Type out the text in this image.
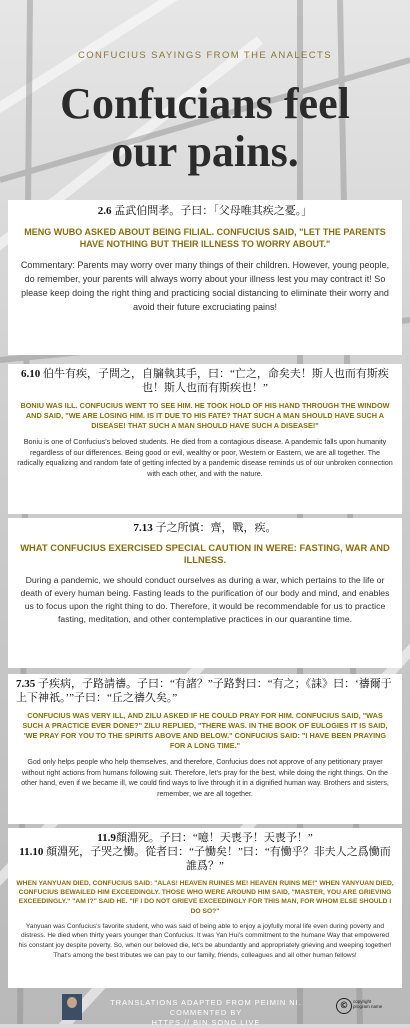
CONFUCIUS SAYINGS FROM THE ANALECTS
Confucians feel
our pains.
2.6 孟武伯問孝。子曰：「父母唯其疾之憂。」
MENG WUBO ASKED ABOUT BEING FILIAL. CONFUCIUS SAID, "LET THE PARENTS HAVE NOTHING BUT THEIR ILLNESS TO WORRY ABOUT."
Commentary: Parents may worry over many things of their children. However, young people, do remember, your parents will always worry about your illness lest you may contract it! So please keep doing the right thing and practicing social distancing to eliminate their worry and avoid their future excruciating pains!
6.10 伯牛有疾，子問之，自牖執其手，曰：“亡之，命矣夫！斯人也而有斯疾也！斯人也而有斯疾也！”
BONIU WAS ILL. CONFUCIUS WENT TO SEE HIM. HE TOOK HOLD OF HIS HAND THROUGH THE WINDOW AND SAID, "WE ARE LOSING HIM. IS IT DUE TO HIS FATE? THAT SUCH A MAN SHOULD HAVE SUCH A DISEASE! THAT SUCH A MAN SHOULD HAVE SUCH A DISEASE!"
Boniu is one of Confucius's beloved students. He died from a contagious disease. A pandemic falls upon humanity regardless of our differences. Being good or evil, wealthy or poor, Western or Eastern, we are all together. The radically equalizing and random fate of getting infected by a pandemic disease reminds us of our unbroken connection with each other, and with the nature.
7.13 子之所慎：齊，戰，疾。
WHAT CONFUCIUS EXERCISED SPECIAL CAUTION IN WERE: FASTING, WAR AND ILLNESS.
During a pandemic, we should conduct ourselves as during a war, which pertains to the life or death of every human being. Fasting leads to the purification of our body and mind, and enables us to focus upon the right thing to do. Therefore, it would be recommendable for us to practice fasting, meditation, and other contemplative practices in our quarantine time.
7.35 子疾病，子路請禱。子曰：“有諸？”子路對曰：“有之；《誄》曰：‘禱爾于上下神祇。’”子曰：“丘之禱久矣。”
CONFUCIUS WAS VERY ILL, AND ZILU ASKED IF HE COULD PRAY FOR HIM. CONFUCIUS SAID, "WAS SUCH A PRACTICE EVER DONE?" ZILU REPLIED, "THERE WAS. IN THE BOOK OF EULOGIES IT IS SAID, 'WE PRAY FOR YOU TO THE SPIRITS ABOVE AND BELOW." CONFUCIUS SAID: "I HAVE BEEN PRAYING FOR A LONG TIME."
God only helps people who help themselves, and therefore, Confucius does not approve of any petitionary prayer without right actions from humans following suit. Therefore, let's pray for the best, while doing the right things. On the other hand, even if we became ill, we could find ways to live through it in a dignified human way. Brothers and sisters, remember, we are all together.
11.9顏淵死。子曰：“噫！天喪予！天喪予！”
11.10 顏淵死，子哭之慟。從者曰：“子慟矣！”曰：“有慟乎？非夫人之爲慟而誰爲？”
WHEN YANYUAN DIED, CONFUCIUS SAID: "ALAS! HEAVEN RUINES ME! HEAVEN RUINS ME!" WHEN YANYUAN DIED, CONFUCIUS BEWAILED HIM EXCEEDINGLY. THOSE WHO WERE AROUND HIM SAID, "MASTER, YOU ARE GRIEVING EXCEEDINGLY." "AM I?" SAID HE. "IF I DO NOT GRIEVE EXCEEDINGLY FOR THIS MAN, FOR WHOM ELSE SHOULD I DO SO?"
Yanyuan was Confucius's favorite student, who was said of being able to enjoy a joyfully moral life even during poverty and distress. He died when thirty years younger than Confucius. It was Yan Hui's commitment to the humane Way that empowered his constant joy despite poverty. So, when our beloved die, let's be abundantly and appropriately grieving and weeping together! That's among the best tributes we can pay to our family, friends, colleagues and all other human fellows!
TRANSLATIONS ADAPTED FROM PEIMIN NI. COMMENTED BY
HTTPS:// BIN SONG.LIVE
©	copyright
program name
